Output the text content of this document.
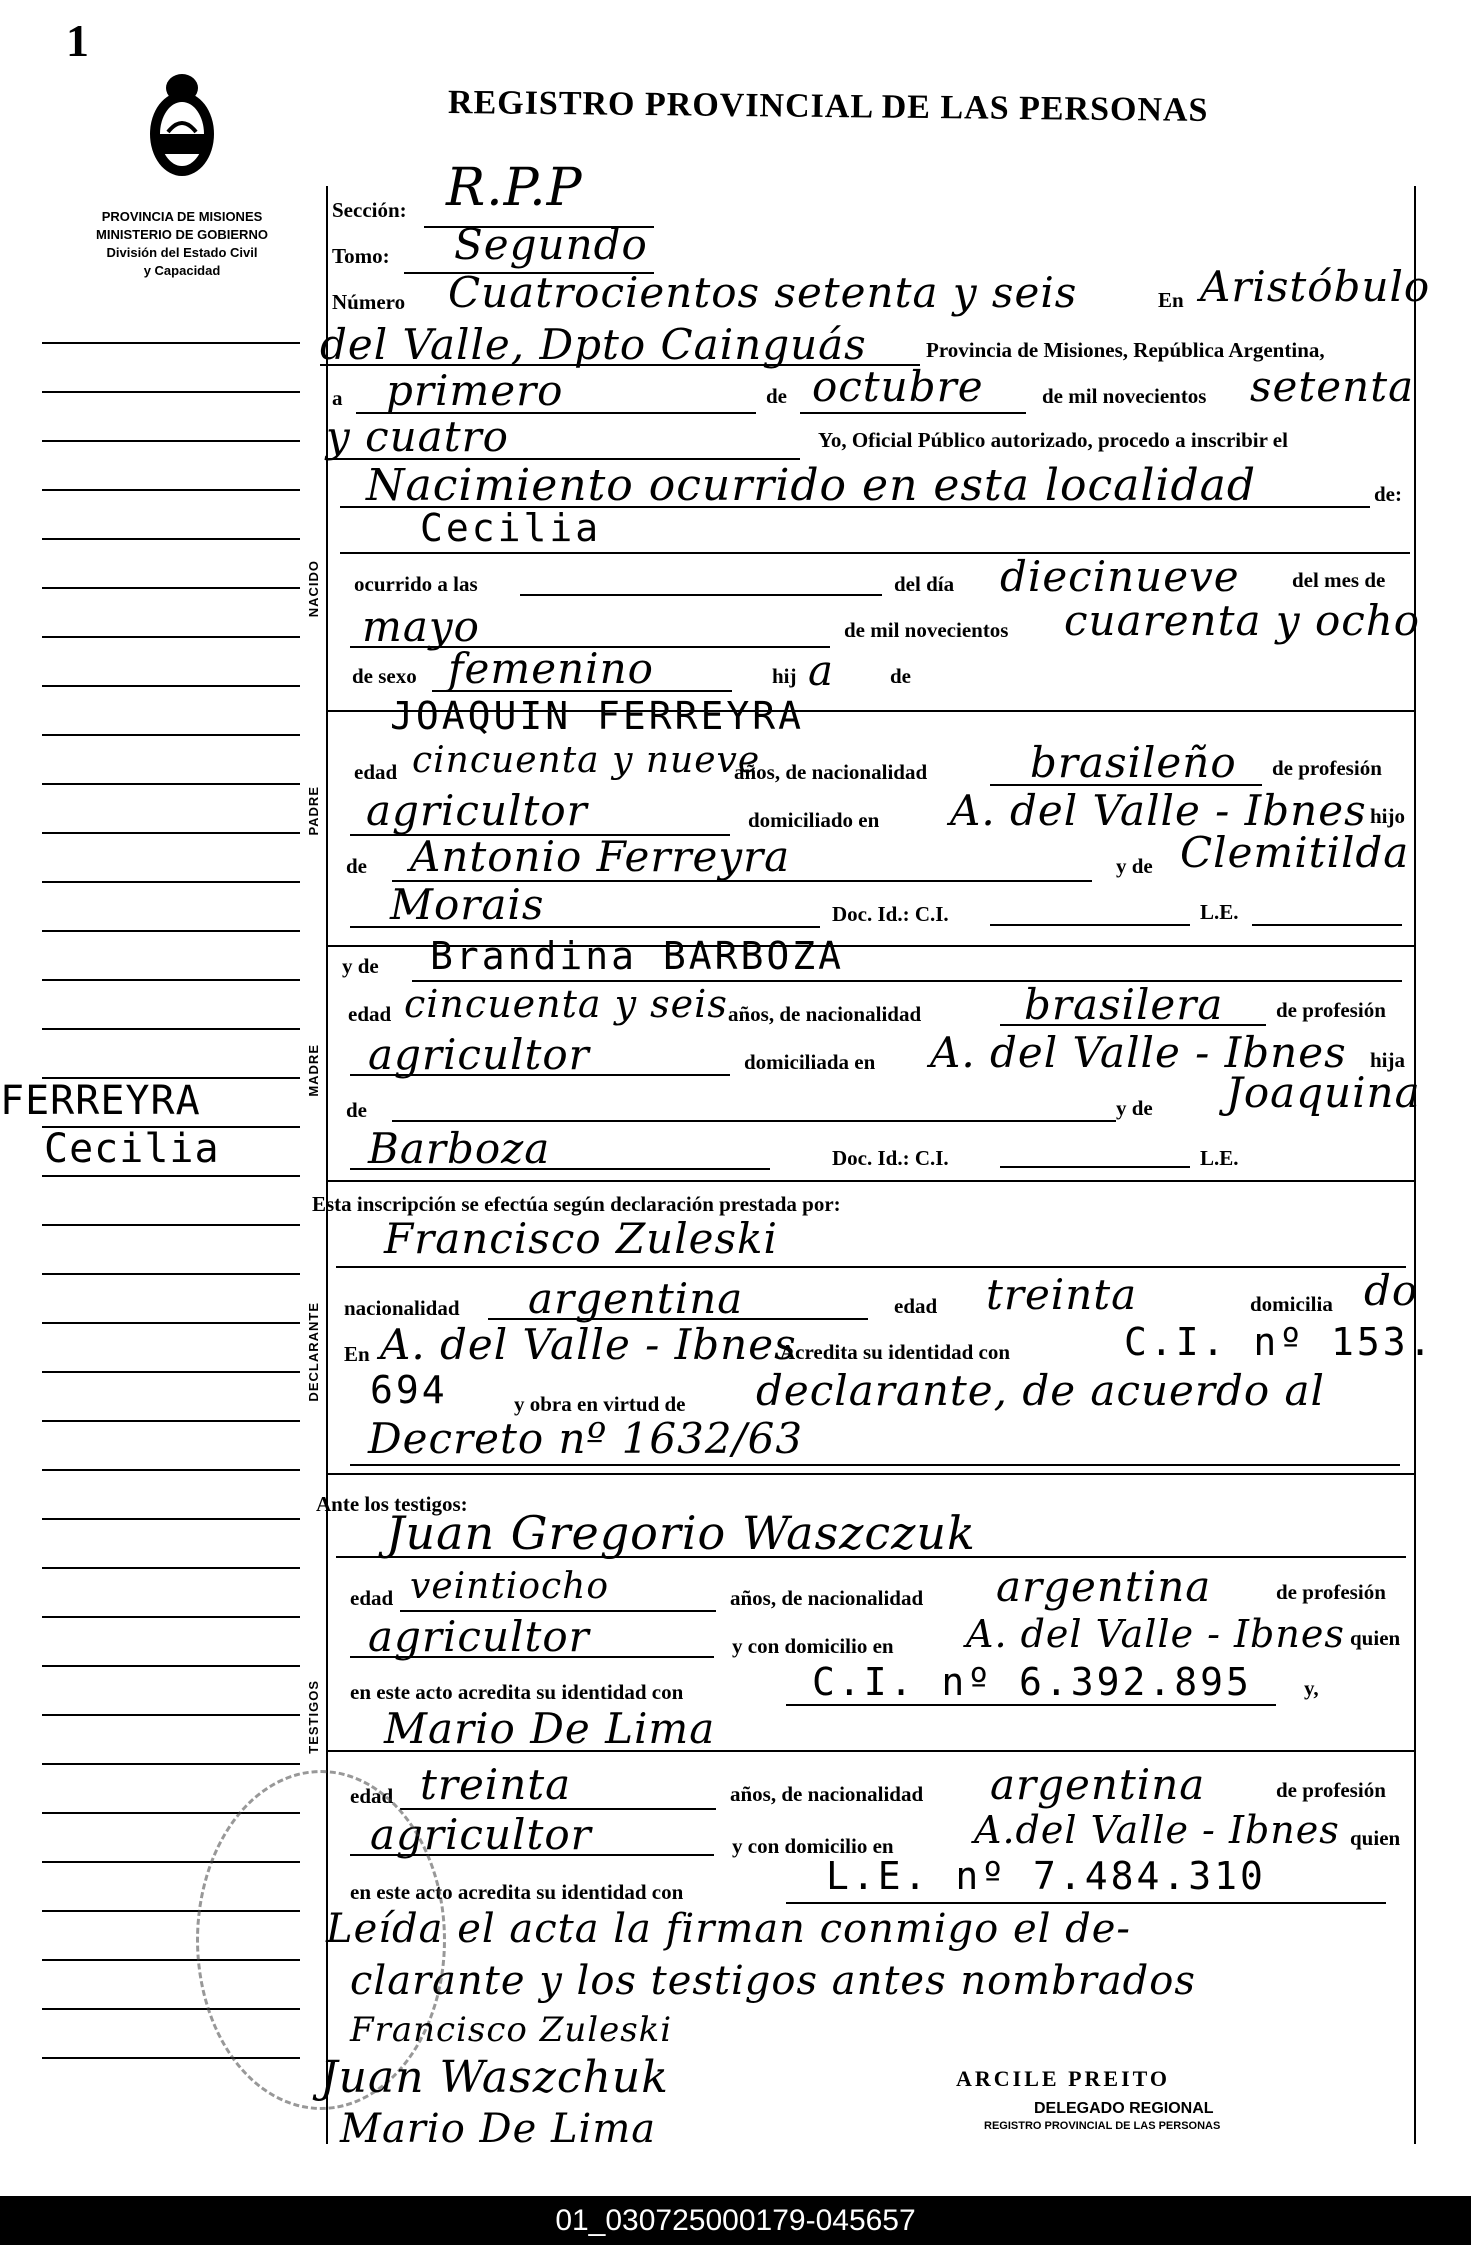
1
REGISTRO PROVINCIAL DE LAS PERSONAS
PROVINCIA DE MISIONES
MINISTERIO DE GOBIERNO
División del Estado Civil
y Capacidad
FERREYRA
Cecilia
NACIDO
PADRE
MADRE
DECLARANTE
TESTIGOS
Sección: R.P.P
Tomo: Segundo
Número Cuatrocientos setenta y seis	En Aristóbulo
del Valle, Dpto Cainguás	Provincia de Misiones, República Argentina,
a primero	de octubre	de mil novecientos setenta
y cuatro	Yo, Oficial Público autorizado, procedo a inscribir el
Nacimiento ocurrido en esta localidad	de:
Cecilia
ocurrido a las	del día diecinueve del mes de
mayo	de mil novecientos cuarenta y ocho
de sexo femenino	hij a	de
JOAQUIN FERREYRA
edad cincuenta y nueve
años, de nacionalidad brasileño de profesión
agricultor	domiciliado en A. del Valle - Ibnes hijo
de Antonio Ferreyra	y de Clemitilda
Morais	Doc. Id.: C.I.	L.E.
y de Brandina BARBOZA
edad cincuenta y seis años, de nacionalidad brasilera	de profesión
agricultor	domiciliada en A. del Valle - Ibnes hija
de	y de Joaquina
Barboza	Doc. Id.: C.I.	L.E.
Esta inscripción se efectúa según declaración prestada por:
Francisco Zuleski
nacionalidad argentina	edad treinta	domicilia do
En A. del Valle - Ibnes
Acredita su identidad con	C.I. nº 153.
694	y obra en virtud de declarante, de acuerdo al
Decreto nº 1632/63
Ante los testigos:
Juan Gregorio Waszczuk
edad veintiocho	años, de nacionalidad argentina	de profesión
agricultor	y con domicilio en A. del Valle - Ibnes quien
en este acto acredita su identidad con	C.I. nº 6.392.895 y,
Mario De Lima
edad treinta	años, de nacionalidad argentina	de profesión
agricultor	y con domicilio en A.del Valle - Ibnes quien
en este acto acredita su identidad con	L.E. nº 7.484.310
Leída el acta la firman conmigo el de-
clarante y los testigos antes nombrados
Francisco Zuleski
Juan Waszchuk
Mario De Lima
ARCILE PREITO
DELEGADO REGIONAL
REGISTRO PROVINCIAL DE LAS PERSONAS
01_030725000179-045657
